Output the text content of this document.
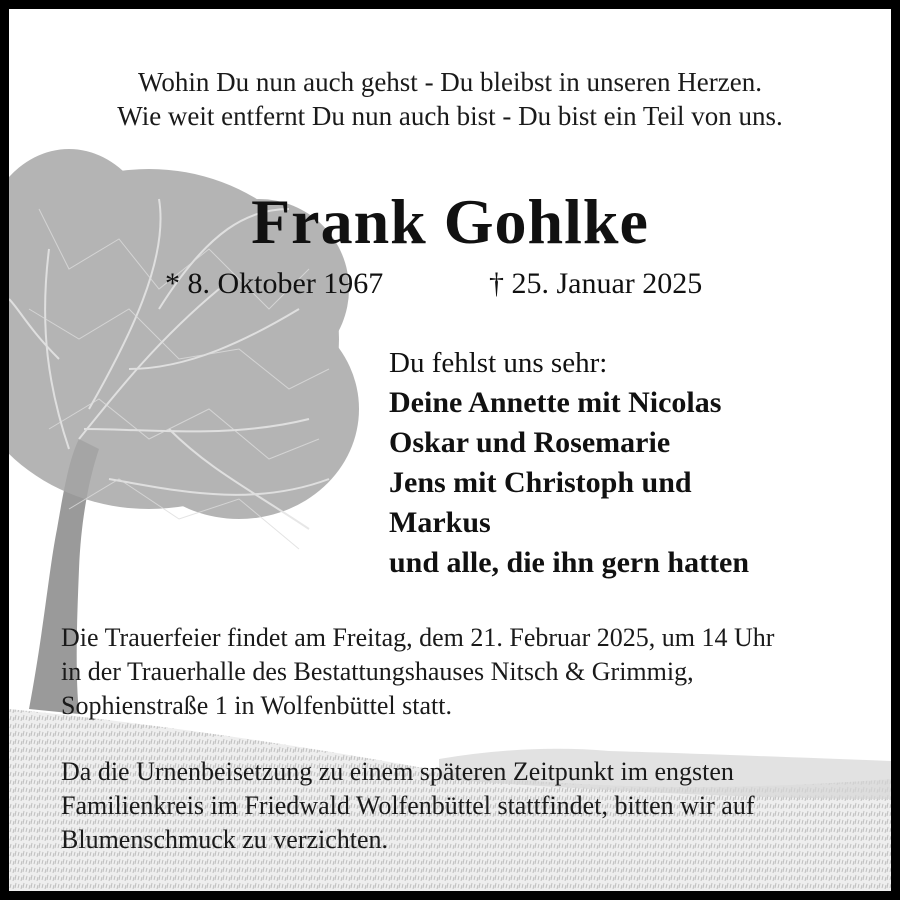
Wohin Du nun auch gehst - Du bleibst in unseren Herzen.
Wie weit entfernt Du nun auch bist - Du bist ein Teil von uns.
Frank Gohlke
* 8. Oktober 1967	† 25. Januar 2025
Du fehlst uns sehr:
Deine Annette mit Nicolas
Oskar und Rosemarie
Jens mit Christoph und
Markus
und alle, die ihn gern hatten
Die Trauerfeier findet am Freitag, dem 21. Februar 2025, um 14 Uhr
in der Trauerhalle des Bestattungshauses Nitsch & Grimmig,
Sophienstraße 1 in Wolfenbüttel statt.
Da die Urnenbeisetzung zu einem späteren Zeitpunkt im engsten
Familienkreis im Friedwald Wolfenbüttel stattfindet, bitten wir auf
Blumenschmuck zu verzichten.
